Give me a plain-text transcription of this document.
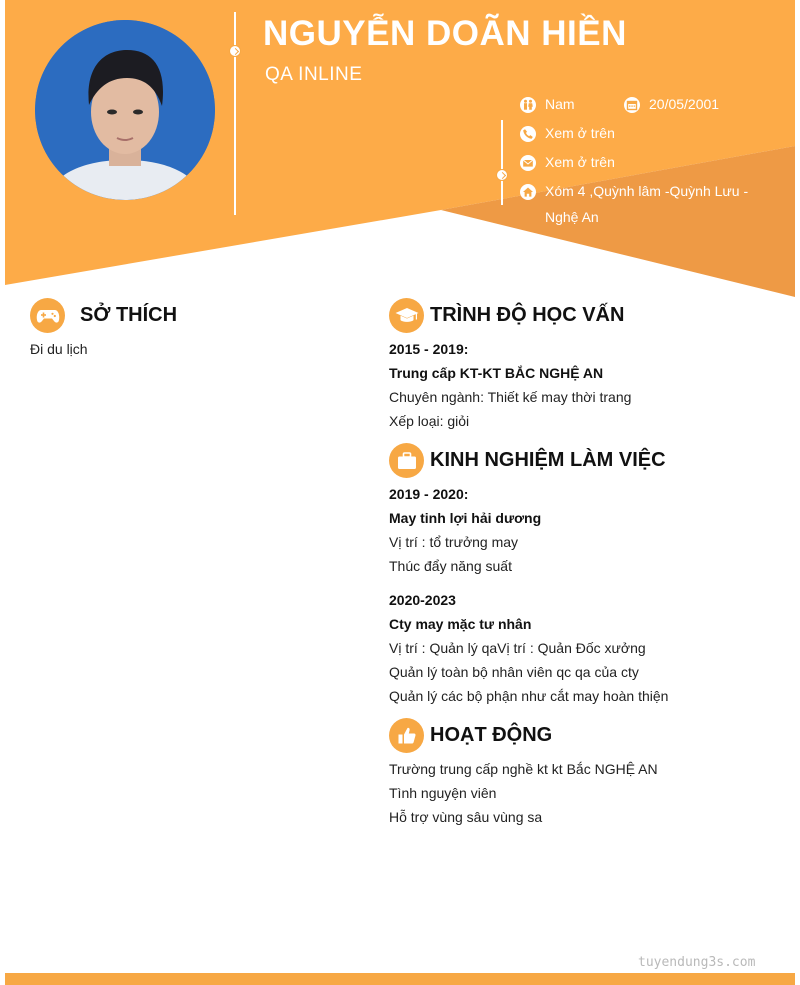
NGUYỄN DOÃN HIỀN
QA INLINE
Nam	20/05/2001
Xem ở trên
Xem ở trên
Xóm 4 ,Quỳnh lâm -Quỳnh Lưu - Nghệ An
SỞ THÍCH
Đi du lịch
TRÌNH ĐỘ HỌC VẤN
2015 - 2019:
Trung cấp KT-KT BẮC NGHỆ AN
Chuyên ngành: Thiết kế may thời trang
Xếp loại: giỏi
KINH NGHIỆM LÀM VIỆC
2019 - 2020:
May tinh lợi hải dương
Vị trí : tổ trưởng may
Thúc đẩy năng suất
2020-2023
Cty may mặc tư nhân
Vị trí : Quản lý qaVị trí : Quản Đốc xưởng
Quản lý toàn bộ nhân viên qc qa của cty
Quản lý các bộ phận như cắt may hoàn thiện
HOẠT ĐỘNG
Trường trung cấp nghề kt kt Bắc NGHỆ AN
Tình nguyện viên
Hỗ trợ vùng sâu vùng sa
tuyendung3s.com
